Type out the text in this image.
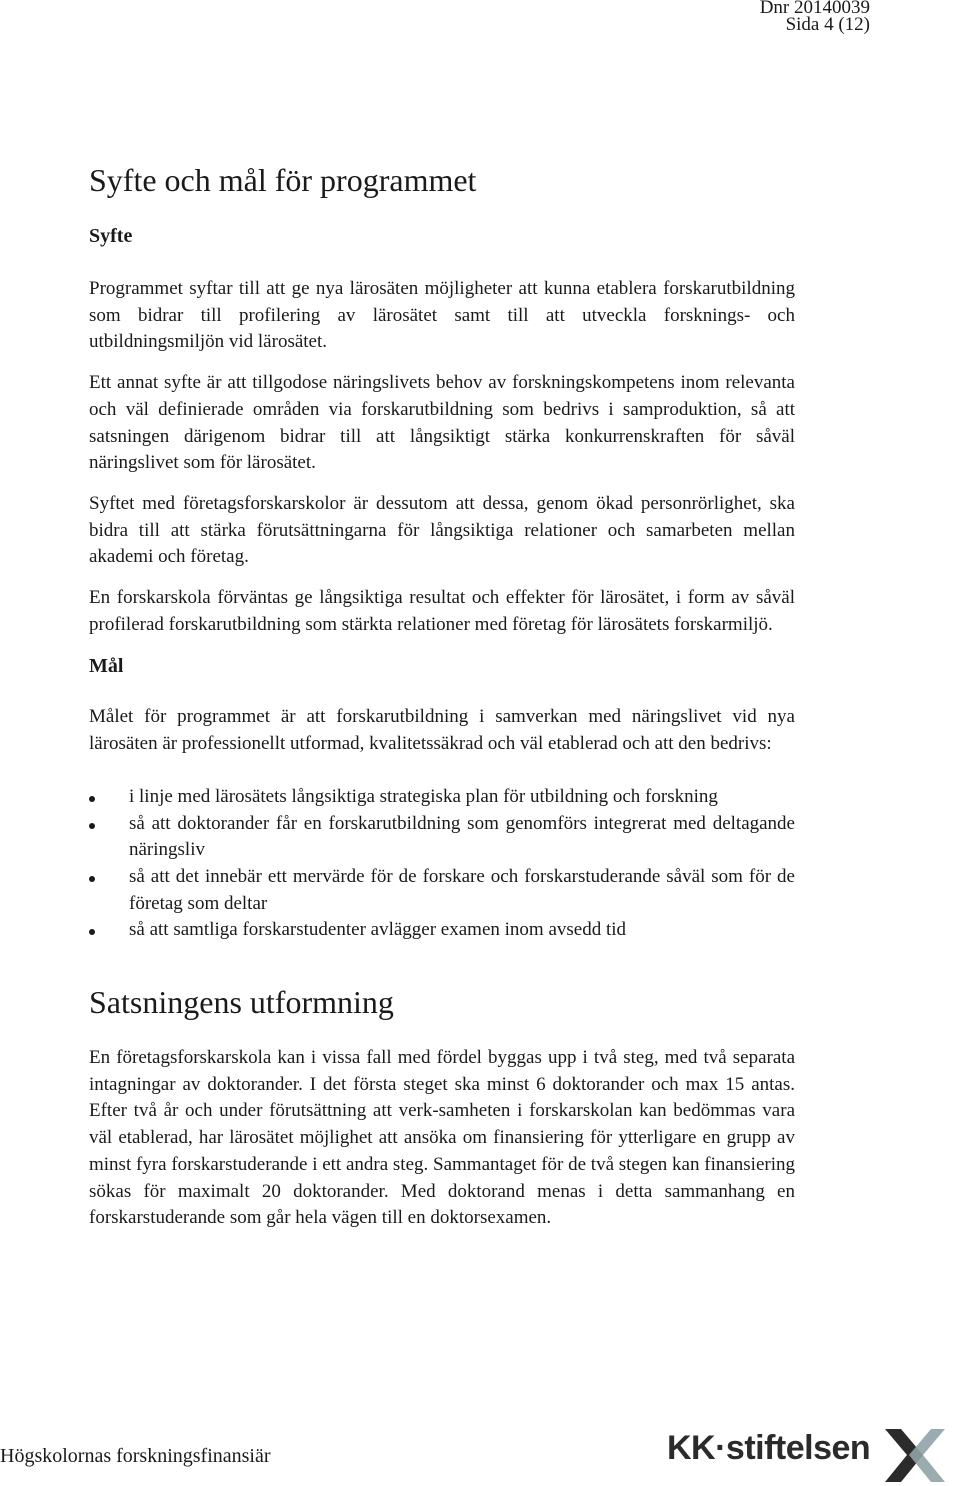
Dnr 20140039
Sida 4 (12)
Syfte och mål för programmet
Syfte

Programmet syftar till att ge nya lärosäten möjligheter att kunna etablera forskarutbildning som bidrar till profilering av lärosätet samt till att utveckla forsknings- och utbildningsmiljön vid lärosätet.

Ett annat syfte är att tillgodose näringslivets behov av forskningskompetens inom relevanta och väl definierade områden via forskarutbildning som bedrivs i samproduktion, så att satsningen därigenom bidrar till att långsiktigt stärka konkurrenskraften för såväl näringslivet som för lärosätet.

Syftet med företagsforskarskolor är dessutom att dessa, genom ökad personrörlighet, ska bidra till att stärka förutsättningarna för långsiktiga relationer och samarbeten mellan akademi och företag.

En forskarskola förväntas ge långsiktiga resultat och effekter för lärosätet, i form av såväl profilerad forskarutbildning som stärkta relationer med företag för lärosätets forskarmiljö.

Mål

Målet för programmet är att forskarutbildning i samverkan med näringslivet vid nya lärosäten är professionellt utformad, kvalitetssäkrad och väl etablerad och att den bedrivs:

i linje med lärosätets långsiktiga strategiska plan för utbildning och forskning
så att doktorander får en forskarutbildning som genomförs integrerat med deltagande näringsliv
så att det innebär ett mervärde för de forskare och forskarstuderande såväl som för de företag som deltar
så att samtliga forskarstudenter avlägger examen inom avsedd tid
Satsningens utformning

En företagsforskarskola kan i vissa fall med fördel byggas upp i två steg, med två separata intagningar av doktorander. I det första steget ska minst 6 doktorander och max 15 antas. Efter två år och under förutsättning att verk-samheten i forskarskolan kan bedömmas vara väl etablerad, har lärosätet möjlighet att ansöka om finansiering för ytterligare en grupp av minst fyra forskarstuderande i ett andra steg. Sammantaget för de två stegen kan finansiering sökas för maximalt 20 doktorander. Med doktorand menas i detta sammanhang en forskarstuderande som går hela vägen till en doktorsexamen.

Högskolornas forskningsfinansiär	KK·stiftelsen
